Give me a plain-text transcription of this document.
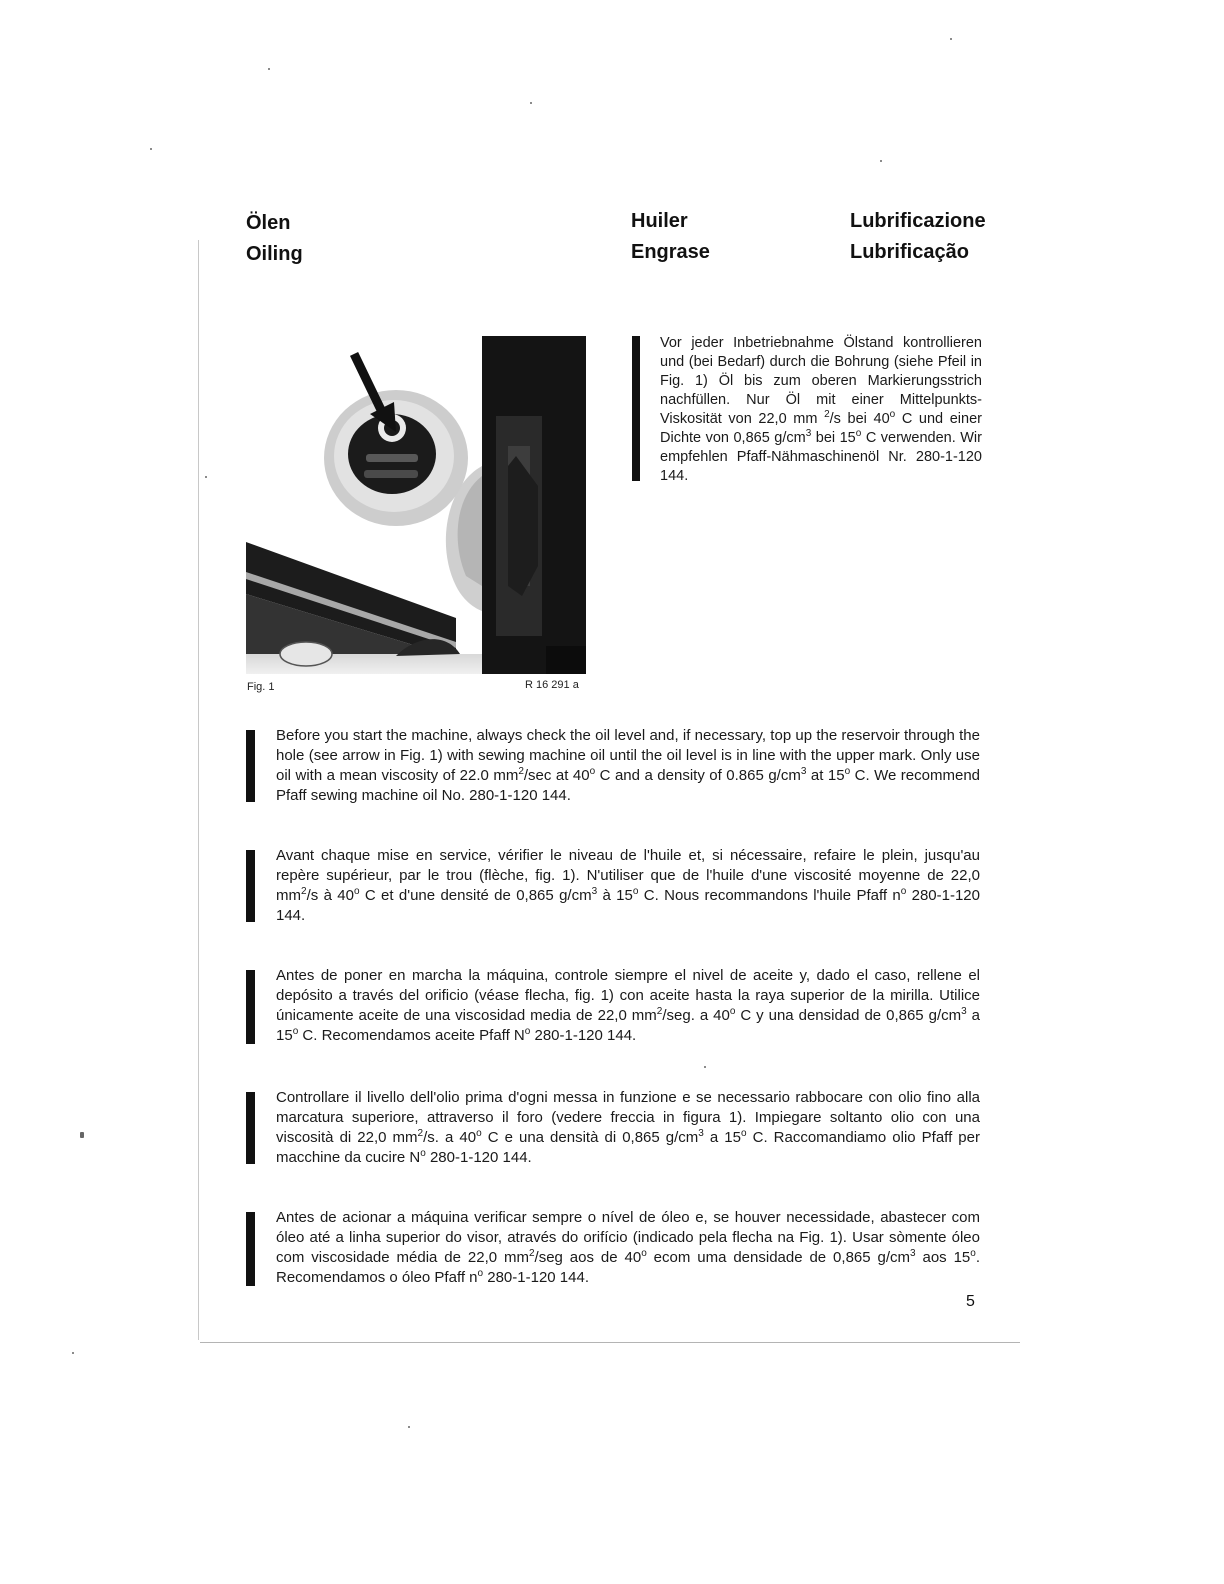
Ölen
Oiling
Huiler
Engrase
Lubrificazione
Lubrificação
Fig. 1	R 16 291 a

Vor jeder Inbetriebnahme Ölstand kontrollieren und (bei Bedarf) durch die Bohrung (siehe Pfeil in Fig. 1) Öl bis zum oberen Markierungsstrich nachfüllen. Nur Öl mit einer Mittelpunkts-Viskosität von 22,0 mm $^2$/s bei 40$^o$ C und einer Dichte von 0,865 $g/cm^3$ bei 15$^o$ C verwenden. Wir empfehlen Pfaff-Nähmaschinenöl Nr. 280-1-120 144.

Before you start the machine, always check the oil level and, if necessary, top up the reservoir through the hole (see arrow in Fig. 1) with sewing machine oil until the oil level is in line with the upper mark. Only use oil with a mean viscosity of 22.0 $mm^2/\sec$ at 40$^o$ C and a density of 0.865 $g/cm^3$ at 15$^o$ C. We recommend Pfaff sewing machine oil No. 280-1-120 144.

Avant chaque mise en service, vérifier le niveau de l'huile et, si nécessaire, refaire le plein, jusqu'au repère supérieur, par le trou (flèche, fig. 1). N'utiliser que de l'huile d'une viscosité moyenne de 22,0 $mm^2/s$ à 40$^o$ C et d'une densité de 0,865 $g/cm^3$ à 15$^o$ C. Nous recommandons l'huile Pfaff $n^o$ 280-1-120 144.

Antes de poner en marcha la máquina, controle siempre el nivel de aceite y, dado el caso, rellene el depósito a través del orificio (véase flecha, fig. 1) con aceite hasta la raya superior de la mirilla. Utilice únicamente aceite de una viscosidad media de 22,0 $mm^2$/seg. a 40$^o$ C y una densidad de 0,865 $g/cm^3$ a 15$^o$ C. Recomendamos aceite Pfaff $N^o$ 280-1-120 144.

Controllare il livello dell'olio prima d'ogni messa in funzione e se necessario rabbocare con olio fino alla marcatura superiore, attraverso il foro (vedere freccia in figura 1). Impiegare soltanto olio con una viscosità di 22,0 $mm^2/s$. a 40$^o$ C e una densità di 0,865 $g/cm^3$ a 15$^o$ C. Raccomandiamo olio Pfaff per macchine da cucire $N^o$ 280-1-120 144.

Antes de acionar a máquina verificar sempre o nível de óleo e, se houver necessidade, abastecer com óleo até a linha superior do visor, através do orifício (indicado pela flecha na Fig. 1). Usar sòmente óleo com viscosidade média de 22,0 $mm^2$/seg aos de 40$^o$ ecom uma densidade de 0,865 $g/cm^3$ aos 15$^o$. Recomendamos o óleo Pfaff $n^o$ 280-1-120 144.

5
